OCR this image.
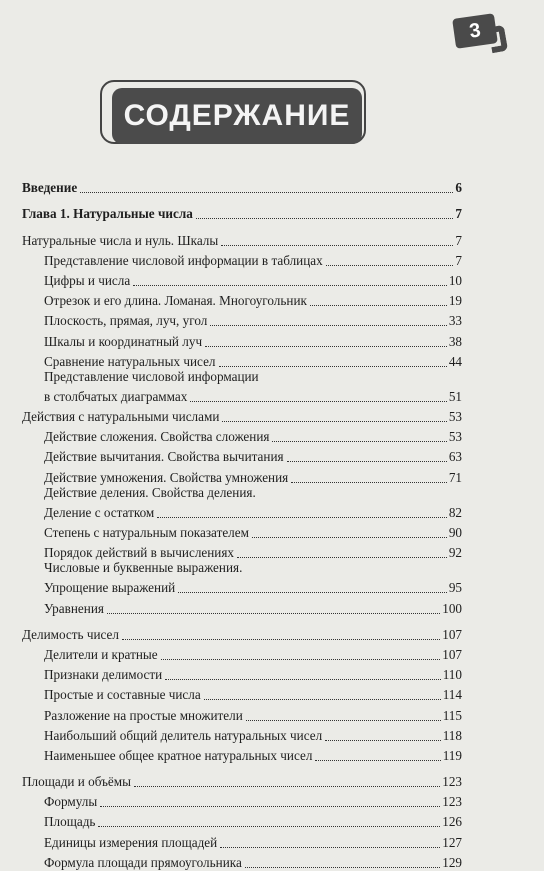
3
СОДЕРЖАНИЕ
Введение	6
Глава 1. Натуральные числа	7
Натуральные числа и нуль. Шкалы	7
Представление числовой информации в таблицах	7
Цифры и числа	10
Отрезок и его длина. Ломаная. Многоугольник	19
Плоскость, прямая, луч, угол	33
Шкалы и координатный луч	38
Сравнение натуральных чисел	44
Представление числовой информации
в столбчатых диаграммах	51
Действия с натуральными числами	53
Действие сложения. Свойства сложения	53
Действие вычитания. Свойства вычитания	63
Действие умножения. Свойства умножения	71
Действие деления. Свойства деления.
Деление с остатком	82
Степень с натуральным показателем	90
Порядок действий в вычислениях	92
Числовые и буквенные выражения.
Упрощение выражений	95
Уравнения	100
Делимость чисел	107
Делители и кратные	107
Признаки делимости	110
Простые и составные числа	114
Разложение на простые множители	115
Наибольший общий делитель натуральных чисел	118
Наименьшее общее кратное натуральных чисел	119
Площади и объёмы	123
Формулы	123
Площадь	126
Единицы измерения площадей	127
Формула площади прямоугольника	129
